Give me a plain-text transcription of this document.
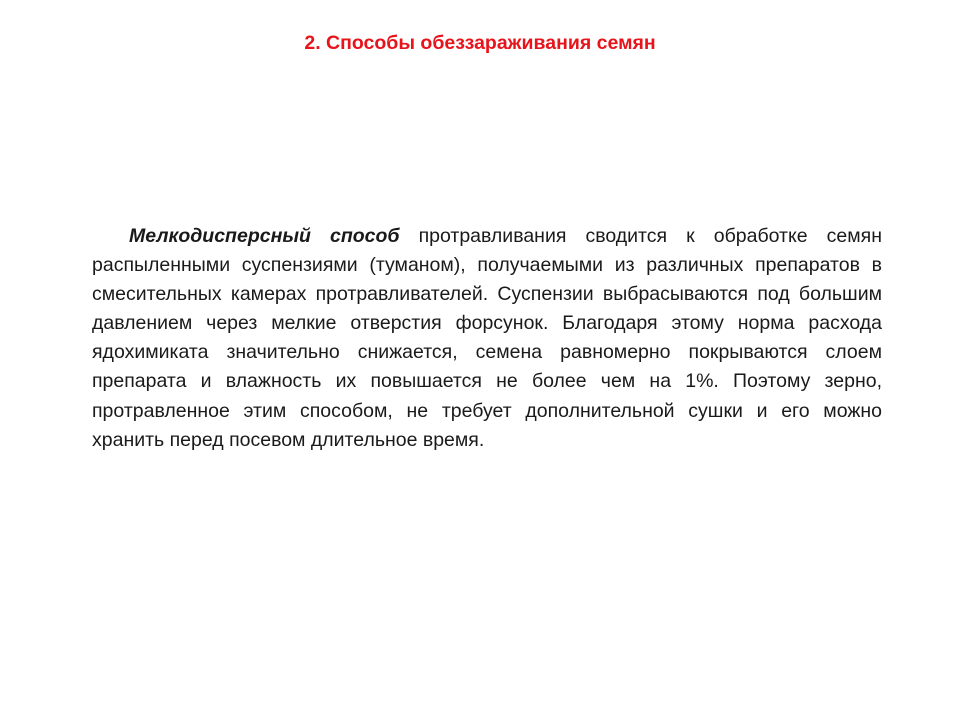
2. Способы обеззараживания семян

Мелкодисперсный способ протравливания сводится к обработке семян распыленными суспензиями (туманом), получаемыми из различных препаратов в смесительных камерах протравливателей. Суспензии выбрасываются под большим давлением через мелкие отверстия форсунок. Благодаря этому норма расхода ядохимиката значительно снижается, семена равномерно покрываются слоем препарата и влажность их повышается не более чем на 1%. Поэтому зерно, протравленное этим способом, не требует дополнительной сушки и его можно хранить перед посевом длительное время.
